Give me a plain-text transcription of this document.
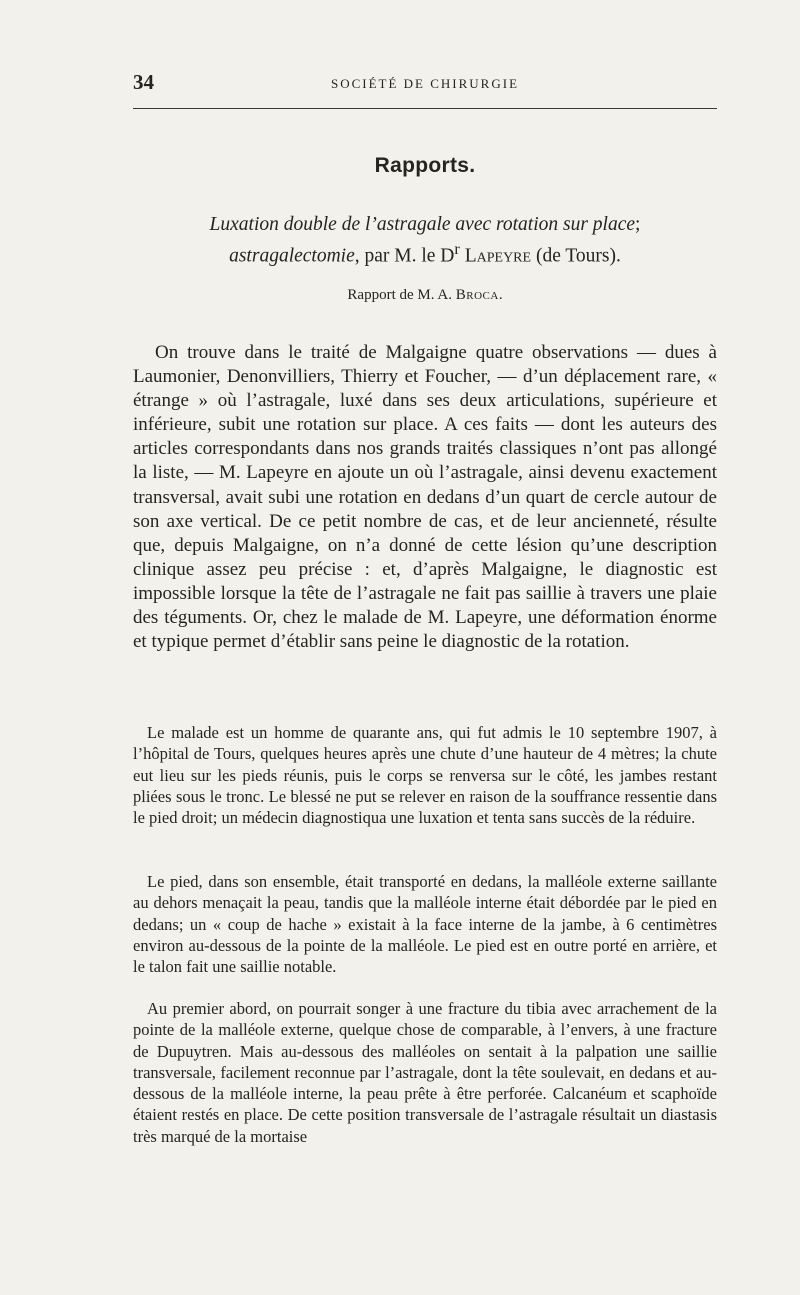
34	SOCIÉTÉ DE CHIRURGIE
Rapports.
Luxation double de l’astragale avec rotation sur place;
astragalectomie, par M. le $D^r$ Lapeyre (de Tours).
Rapport de M. A. Broca.

On trouve dans le traité de Malgaigne quatre observations — dues à Laumonier, Denonvilliers, Thierry et Foucher, — d’un déplacement rare, « étrange » où l’astragale, luxé dans ses deux articulations, supérieure et inférieure, subit une rotation sur place. A ces faits — dont les auteurs des articles correspondants dans nos grands traités classiques n’ont pas allongé la liste, — M. Lapeyre en ajoute un où l’astragale, ainsi devenu exactement transversal, avait subi une rotation en dedans d’un quart de cercle autour de son axe vertical. De ce petit nombre de cas, et de leur ancienneté, résulte que, depuis Malgaigne, on n’a donné de cette lésion qu’une description clinique assez peu précise : et, d’après Malgaigne, le diagnostic est impossible lorsque la tête de l’astragale ne fait pas saillie à travers une plaie des téguments. Or, chez le malade de M. Lapeyre, une déformation énorme et typique permet d’établir sans peine le diagnostic de la rotation.

Le malade est un homme de quarante ans, qui fut admis le 10 septembre 1907, à l’hôpital de Tours, quelques heures après une chute d’une hauteur de 4 mètres; la chute eut lieu sur les pieds réunis, puis le corps se renversa sur le côté, les jambes restant pliées sous le tronc. Le blessé ne put se relever en raison de la souffrance ressentie dans le pied droit; un médecin diagnostiqua une luxation et tenta sans succès de la réduire.

Le pied, dans son ensemble, était transporté en dedans, la malléole externe saillante au dehors menaçait la peau, tandis que la malléole interne était débordée par le pied en dedans; un « coup de hache » existait à la face interne de la jambe, à 6 centimètres environ au-dessous de la pointe de la malléole. Le pied est en outre porté en arrière, et le talon fait une saillie notable.

Au premier abord, on pourrait songer à une fracture du tibia avec arrachement de la pointe de la malléole externe, quelque chose de comparable, à l’envers, à une fracture de Dupuytren. Mais au-dessous des malléoles on sentait à la palpation une saillie transversale, facilement reconnue par l’astragale, dont la tête soulevait, en dedans et au-dessous de la malléole interne, la peau prête à être perforée. Calcanéum et scaphoïde étaient restés en place. De cette position transversale de l’astragale résultait un diastasis très marqué de la mortaise
